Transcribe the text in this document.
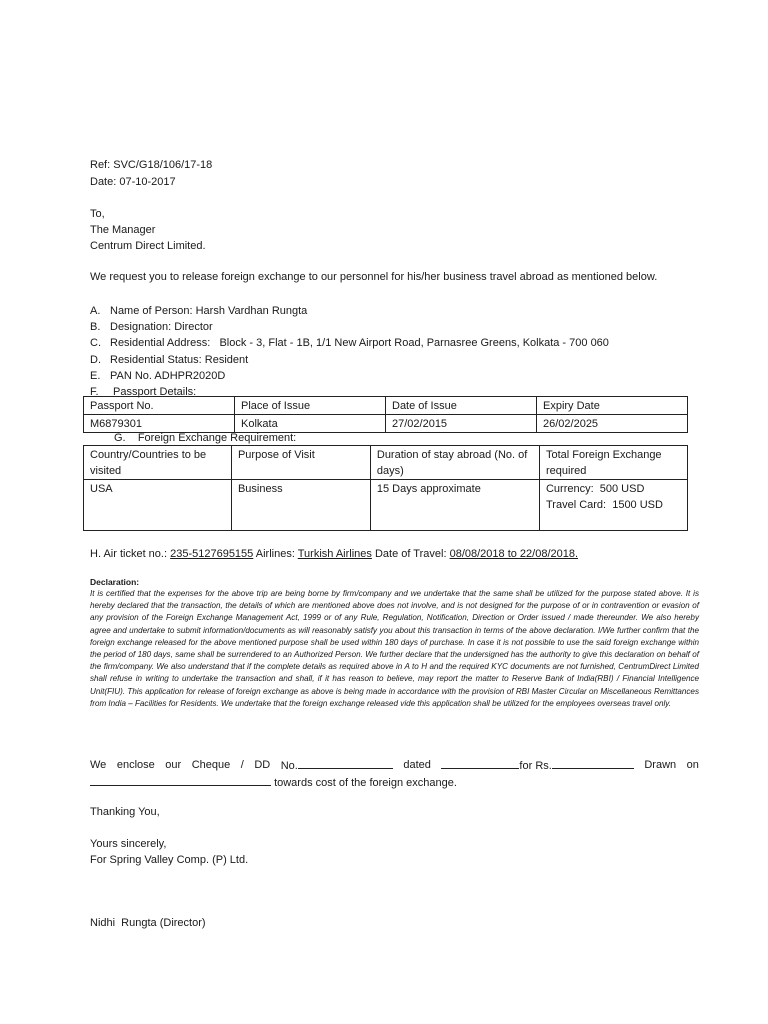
Ref: SVC/G18/106/17-18
Date: 07-10-2017
To,
The Manager
Centrum Direct Limited.
We request you to release foreign exchange to our personnel for his/her business travel abroad as mentioned below.
A. Name of Person: Harsh Vardhan Rungta
B. Designation: Director
C. Residential Address:   Block - 3, Flat - 1B, 1/1 New Airport Road, Parnasree Greens, Kolkata - 700 060
D. Residential Status: Resident
E. PAN No. ADHPR2020D
F.	Passport Details:
Passport No.	Place of Issue	Date of Issue	Expiry Date
M6879301	Kolkata	27/02/2015	26/02/2025
G.    Foreign Exchange Requirement:
Country/Countries to be visited	Purpose of Visit	Duration of stay abroad (No. of days)	Total Foreign Exchange required
USA	Business	15 Days approximate	Currency:  500 USD
Travel Card:  1500 USD
H. Air ticket no.: 235-5127695155 Airlines: Turkish Airlines Date of Travel: 08/08/2018 to 22/08/2018.
Declaration:
It is certified that the expenses for the above trip are being borne by firm/company and we undertake that the same shall be utilized for the purpose stated above. It is hereby declared that the transaction, the details of which are mentioned above does not involve, and is not designed for the purpose of or in contravention or evasion of any provision of the Foreign Exchange Management Act, 1999 or of any Rule, Regulation, Notification, Direction or Order issued / made thereunder. We also hereby agree and undertake to submit information/documents as will reasonably satisfy you about this transaction in terms of the above declaration. I/We further confirm that the foreign exchange released for the above mentioned purpose shall be used within 180 days of purchase. In case it is not possible to use the said foreign exchange within the period of 180 days, same shall be surrendered to an Authorized Person. We further declare that the undersigned has the authority to give this declaration on behalf of the firm/company. We also understand that if the complete details as required above in A to H and the required KYC documents are not furnished, CentrumDirect Limited shall refuse in writing to undertake the transaction and shall, if it has reason to believe, may report the matter to Reserve Bank of India(RBI) / Financial Intelligence Unit(FIU). This application for release of foreign exchange as above is being made in accordance with the provision of RBI Master Circular on Miscellaneous Remittances from India – Facilities for Residents. We undertake that the foreign exchange released vide this application shall be utilized for the employees overseas travel only.
We enclose our Cheque / DD No.	dated	for Rs.	Drawn on
towards cost of the foreign exchange.
Thanking You,
Yours sincerely,
For Spring Valley Comp. (P) Ltd.
Nidhi  Rungta (Director)
